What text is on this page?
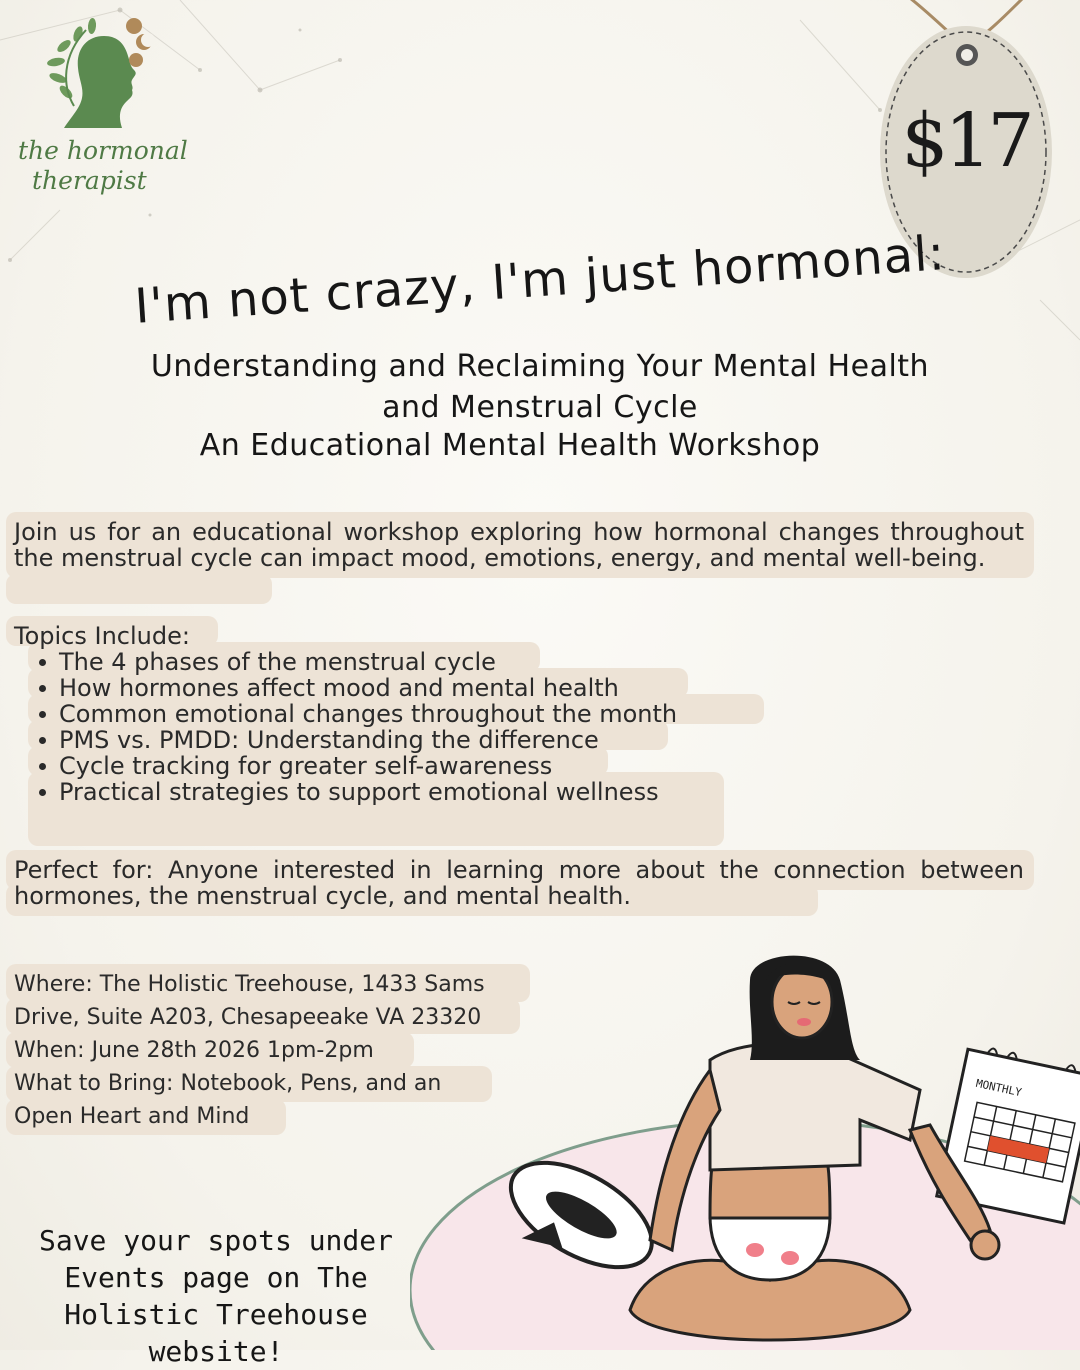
the hormonal
therapist	$17
I'm not crazy, I'm just hormonal:
Understanding and Reclaiming Your Mental Health
and Menstrual Cycle
An Educational Mental Health Workshop
Join us for an educational workshop exploring how hormonal changes throughout the menstrual cycle can impact mood, emotions, energy, and mental well-being.
Topics Include:
The 4 phases of the menstrual cycle
How hormones affect mood and mental health
Common emotional changes throughout the month
PMS vs. PMDD: Understanding the difference
Cycle tracking for greater self-awareness
Practical strategies to support emotional wellness
Perfect for: Anyone interested in learning more about the connection between hormones, the menstrual cycle, and mental health.
Where: The Holistic Treehouse, 1433 Sams
Drive, Suite A203, Chesapeeake VA 23320
When: June 28th 2026 1pm-2pm
What to Bring: Notebook, Pens, and an
Open Heart and Mind
Save your spots under
Events page on The
Holistic Treehouse website!
MONTHLY
